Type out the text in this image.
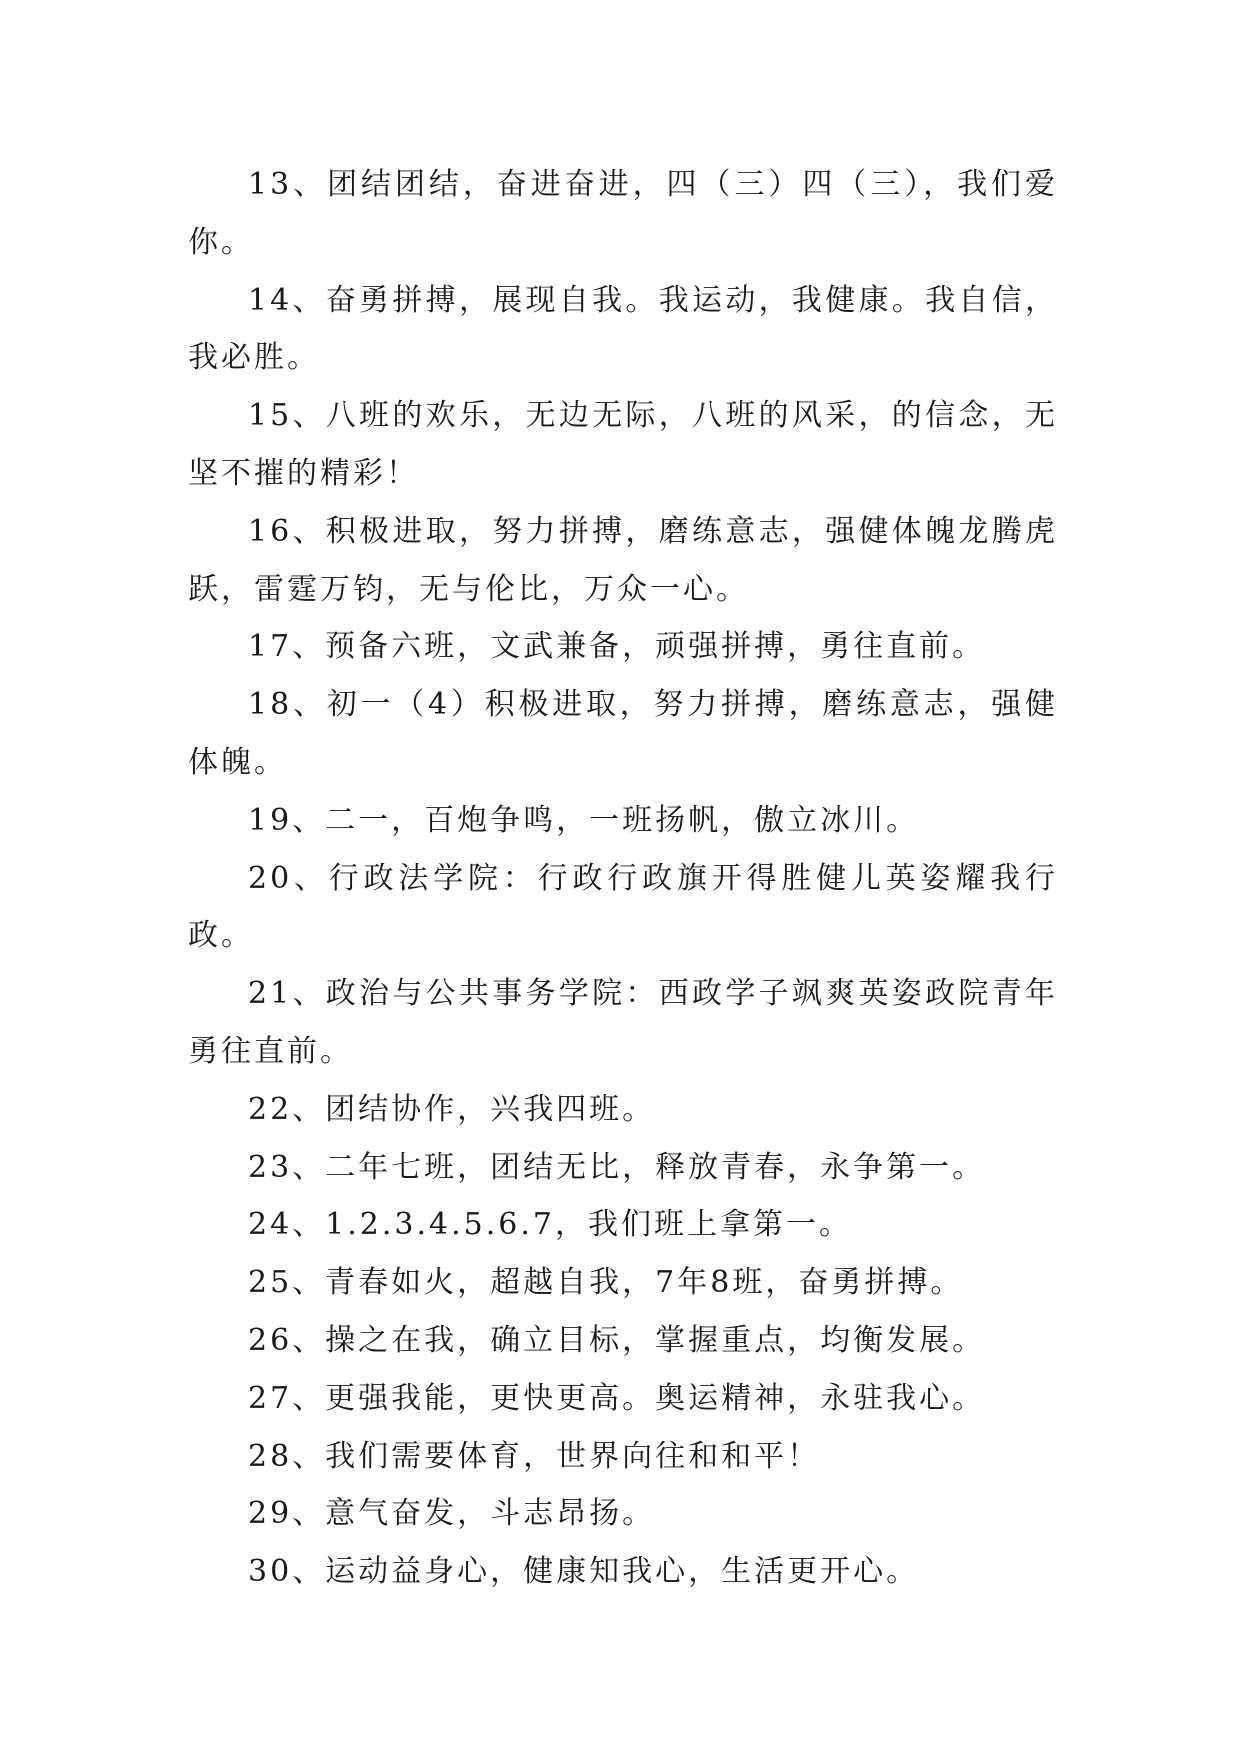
13、团结团结，奋进奋进，四（三）四（三），我们爱你。

14、奋勇拼搏，展现自我。我运动，我健康。我自信，我必胜。

15、八班的欢乐，无边无际，八班的风采，的信念，无坚不摧的精彩！

16、积极进取，努力拼搏，磨练意志，强健体魄龙腾虎跃，雷霆万钧，无与伦比，万众一心。

17、预备六班，文武兼备，顽强拼搏，勇往直前。

18、初一（4）积极进取，努力拼搏，磨练意志，强健体魄。

19、二一，百炮争鸣，一班扬帆，傲立冰川。

20、行政法学院：行政行政旗开得胜健儿英姿耀我行政。

21、政治与公共事务学院：西政学子飒爽英姿政院青年勇往直前。

22、团结协作，兴我四班。

23、二年七班，团结无比，释放青春，永争第一。

24、1.2.3.4.5.6.7，我们班上拿第一。

25、青春如火，超越自我，7年8班，奋勇拼搏。

26、操之在我，确立目标，掌握重点，均衡发展。

27、更强我能，更快更高。奥运精神，永驻我心。

28、我们需要体育，世界向往和和平！

29、意气奋发，斗志昂扬。

30、运动益身心，健康知我心，生活更开心。
